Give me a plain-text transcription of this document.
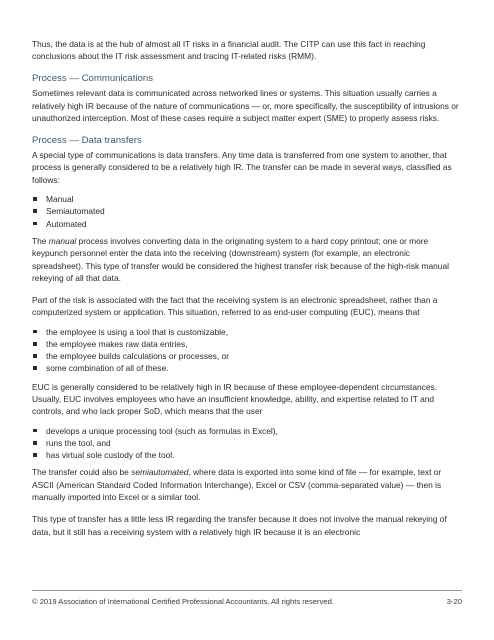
Thus, the data is at the hub of almost all IT risks in a financial audit. The CITP can use this fact in reaching conclusions about the IT risk assessment and tracing IT-related risks (RMM).

Process — Communications

Sometimes relevant data is communicated across networked lines or systems. This situation usually carries a relatively high IR because of the nature of communications — or, more specifically, the susceptibility of intrusions or unauthorized interception. Most of these cases require a subject matter expert (SME) to properly assess risks.

Process — Data transfers

A special type of communications is data transfers. Any time data is transferred from one system to another, that process is generally considered to be a relatively high IR. The transfer can be made in several ways, classified as follows:

Manual
Semiautomated
Automated

The manual process involves converting data in the originating system to a hard copy printout; one or more keypunch personnel enter the data into the receiving (downstream) system (for example, an electronic spreadsheet). This type of transfer would be considered the highest transfer risk because of the high-risk manual rekeying of all that data.

Part of the risk is associated with the fact that the receiving system is an electronic spreadsheet, rather than a computerized system or application. This situation, referred to as end-user computing (EUC), means that

the employee is using a tool that is customizable,
the employee makes raw data entries,
the employee builds calculations or processes, or
some combination of all of these.

EUC is generally considered to be relatively high in IR because of these employee-dependent circumstances. Usually, EUC involves employees who have an insufficient knowledge, ability, and expertise related to IT and controls, and who lack proper SoD, which means that the user

develops a unique processing tool (such as formulas in Excel),
runs the tool, and
has virtual sole custody of the tool.

The transfer could also be semiautomated, where data is exported into some kind of file — for example, text or ASCII (American Standard Coded Information Interchange), Excel or CSV (comma-separated value) — then is manually imported into Excel or a similar tool.

This type of transfer has a little less IR regarding the transfer because it does not involve the manual rekeying of data, but it still has a receiving system with a relatively high IR because it is an electronic

© 2019 Association of International Certified Professional Accountants. All rights reserved.	3-20
